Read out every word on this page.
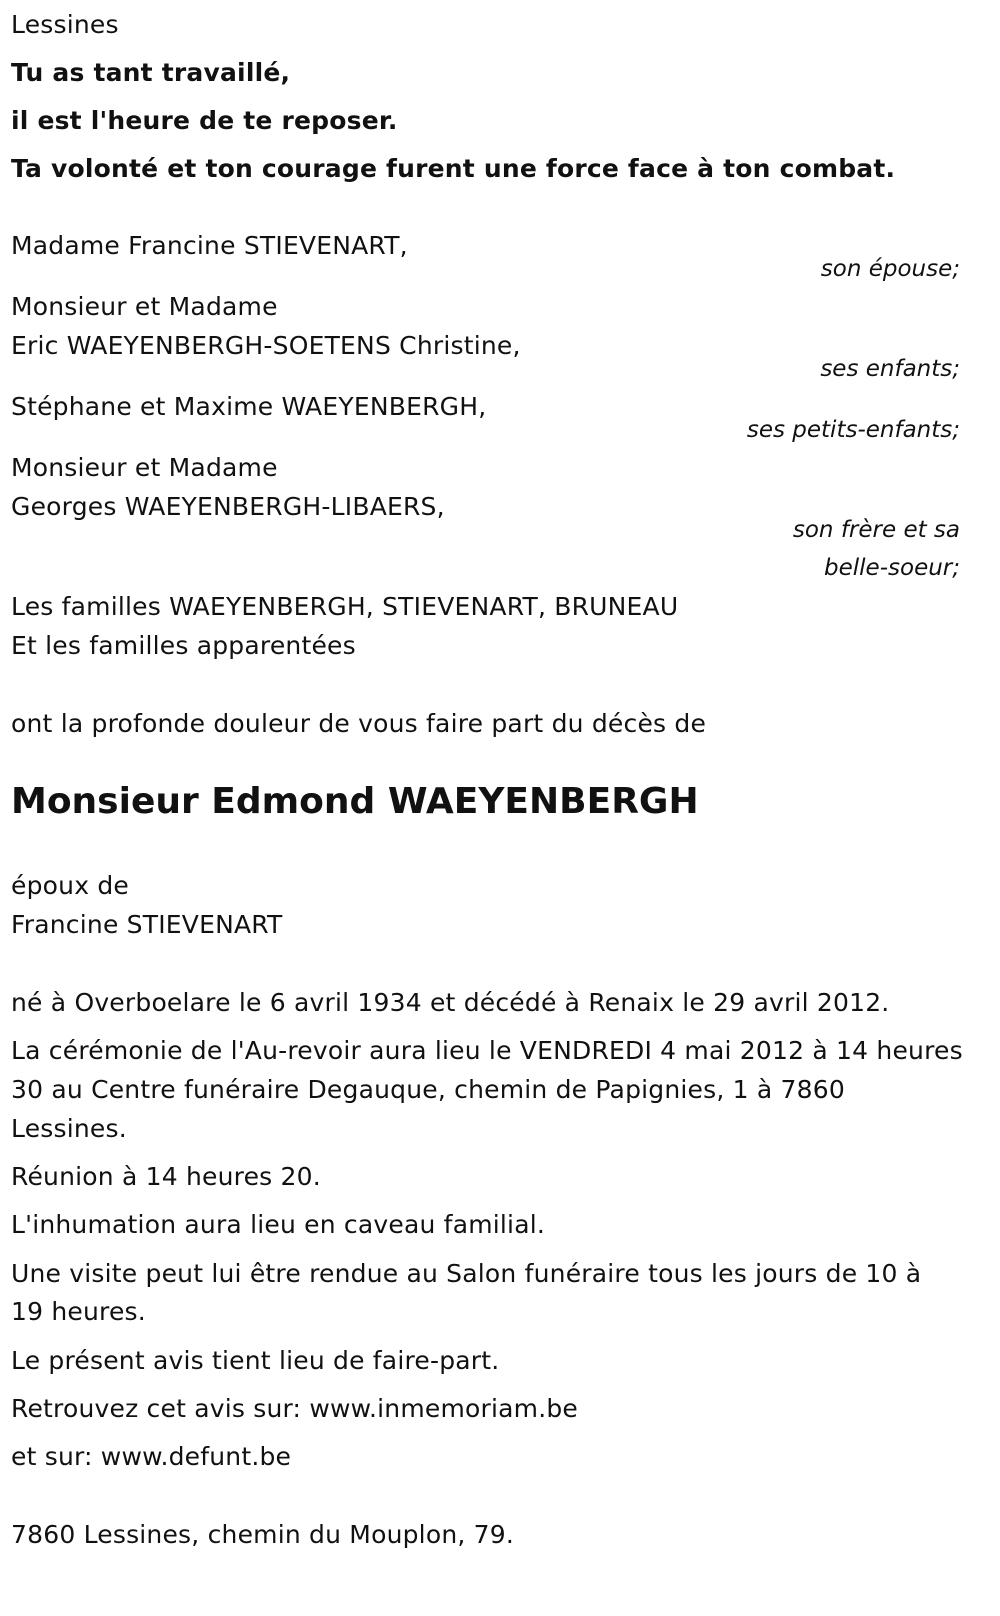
Lessines
Tu as tant travaillé,
il est l'heure de te reposer.
Ta volonté et ton courage furent une force face à ton combat.
Madame Francine STIEVENART,
son épouse;
Monsieur et Madame
Eric WAEYENBERGH-SOETENS Christine,
ses enfants;
Stéphane et Maxime WAEYENBERGH,
ses petits-enfants;
Monsieur et Madame
Georges WAEYENBERGH-LIBAERS,
son frère et sa
belle-soeur;
Les familles WAEYENBERGH, STIEVENART, BRUNEAU
Et les familles apparentées
ont la profonde douleur de vous faire part du décès de
Monsieur Edmond WAEYENBERGH
époux de
Francine STIEVENART
né à Overboelare le 6 avril 1934 et décédé à Renaix le 29 avril 2012.
La cérémonie de l'Au-revoir aura lieu le VENDREDI 4 mai 2012 à 14 heures
30 au Centre funéraire Degauque, chemin de Papignies, 1 à 7860
Lessines.
Réunion à 14 heures 20.
L'inhumation aura lieu en caveau familial.
Une visite peut lui être rendue au Salon funéraire tous les jours de 10 à
19 heures.
Le présent avis tient lieu de faire-part.
Retrouvez cet avis sur: www.inmemoriam.be
et sur: www.defunt.be
7860 Lessines, chemin du Mouplon, 79.
